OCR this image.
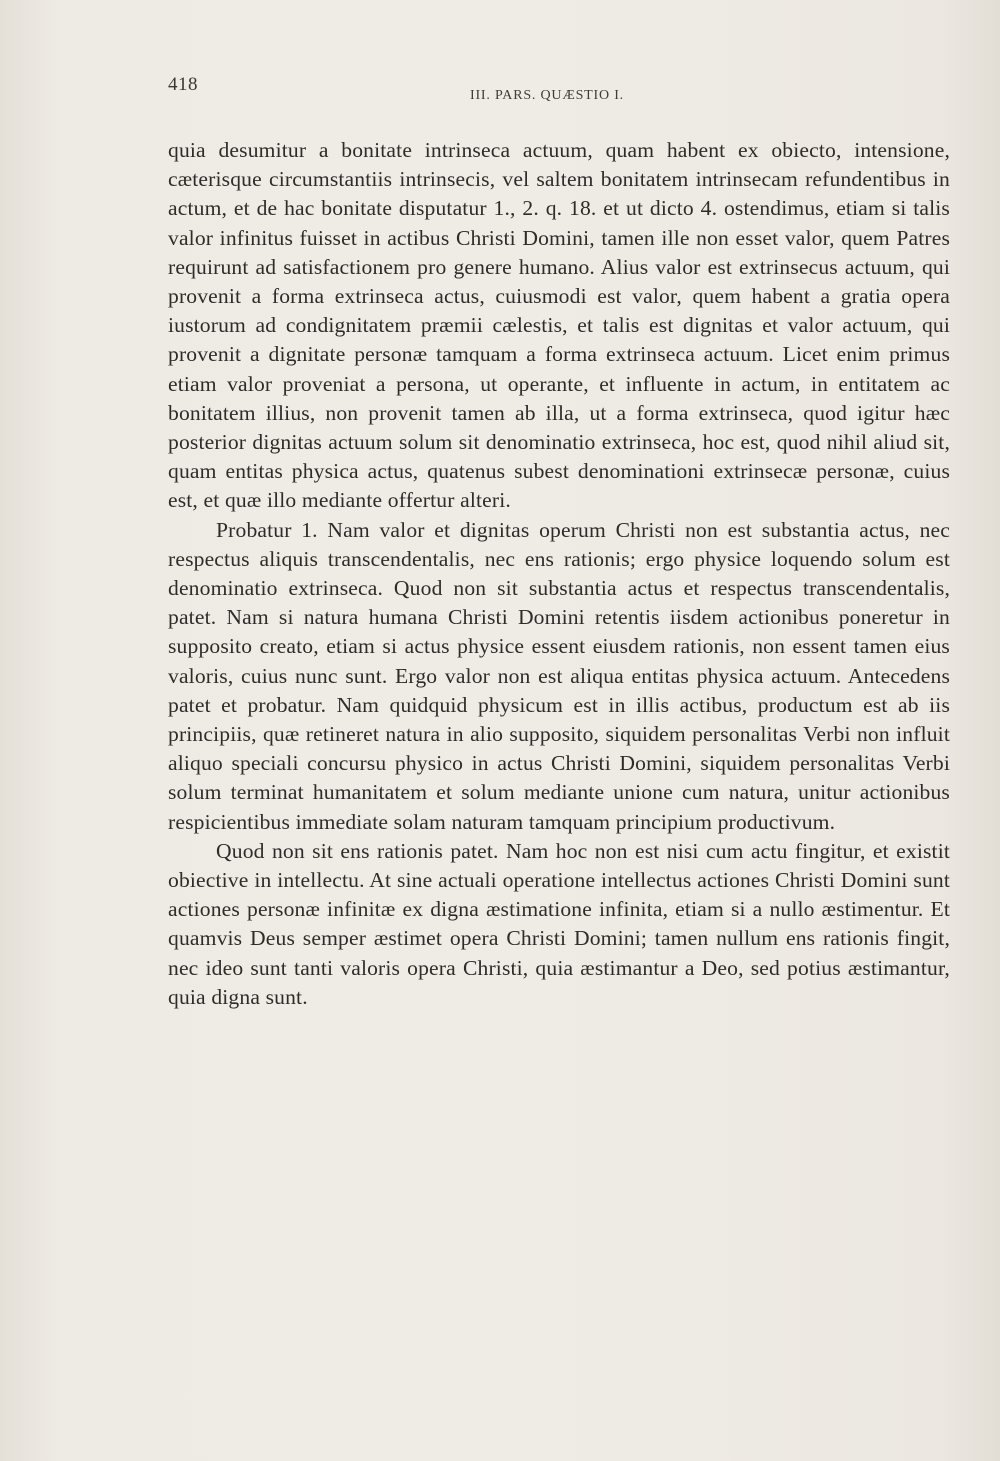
418
III. PARS. QUÆSTIO I.

quia desumitur a bonitate intrinseca actuum, quam habent ex obiecto, intensione, cæterisque circumstantiis intrinsecis, vel saltem bonitatem intrinsecam refundentibus in actum, et de hac bonitate disputatur 1., 2. q. 18. et ut dicto 4. ostendimus, etiam si talis valor infinitus fuisset in actibus Christi Domini, tamen ille non esset valor, quem Patres requirunt ad satisfactionem pro genere humano. Alius valor est extrinsecus actuum, qui provenit a forma extrinseca actus, cuiusmodi est valor, quem habent a gratia opera iustorum ad condignitatem præmii cælestis, et talis est dignitas et valor actuum, qui provenit a dignitate personæ tamquam a forma extrinseca actuum. Licet enim primus etiam valor proveniat a persona, ut operante, et influente in actum, in entitatem ac bonitatem illius, non provenit tamen ab illa, ut a forma extrinseca, quod igitur hæc posterior dignitas actuum solum sit denominatio extrinseca, hoc est, quod nihil aliud sit, quam entitas physica actus, quatenus subest denominationi extrinsecæ personæ, cuius est, et quæ illo mediante offertur alteri.

Probatur 1. Nam valor et dignitas operum Christi non est substantia actus, nec respectus aliquis transcendentalis, nec ens rationis; ergo physice loquendo solum est denominatio extrinseca. Quod non sit substantia actus et respectus transcendentalis, patet. Nam si natura humana Christi Domini retentis iisdem actionibus poneretur in supposito creato, etiam si actus physice essent eiusdem rationis, non essent tamen eius valoris, cuius nunc sunt. Ergo valor non est aliqua entitas physica actuum. Antecedens patet et probatur. Nam quidquid physicum est in illis actibus, productum est ab iis principiis, quæ retineret natura in alio supposito, siquidem personalitas Verbi non influit aliquo speciali concursu physico in actus Christi Domini, siquidem personalitas Verbi solum terminat humanitatem et solum mediante unione cum natura, unitur actionibus respicientibus immediate solam naturam tamquam principium productivum.

Quod non sit ens rationis patet. Nam hoc non est nisi cum actu fingitur, et existit obiective in intellectu. At sine actuali operatione intellectus actiones Christi Domini sunt actiones personæ infinitæ ex digna æstimatione infinita, etiam si a nullo æstimentur. Et quamvis Deus semper æstimet opera Christi Domini; tamen nullum ens rationis fingit, nec ideo sunt tanti valoris opera Christi, quia æstimantur a Deo, sed potius æstimantur, quia digna sunt.
